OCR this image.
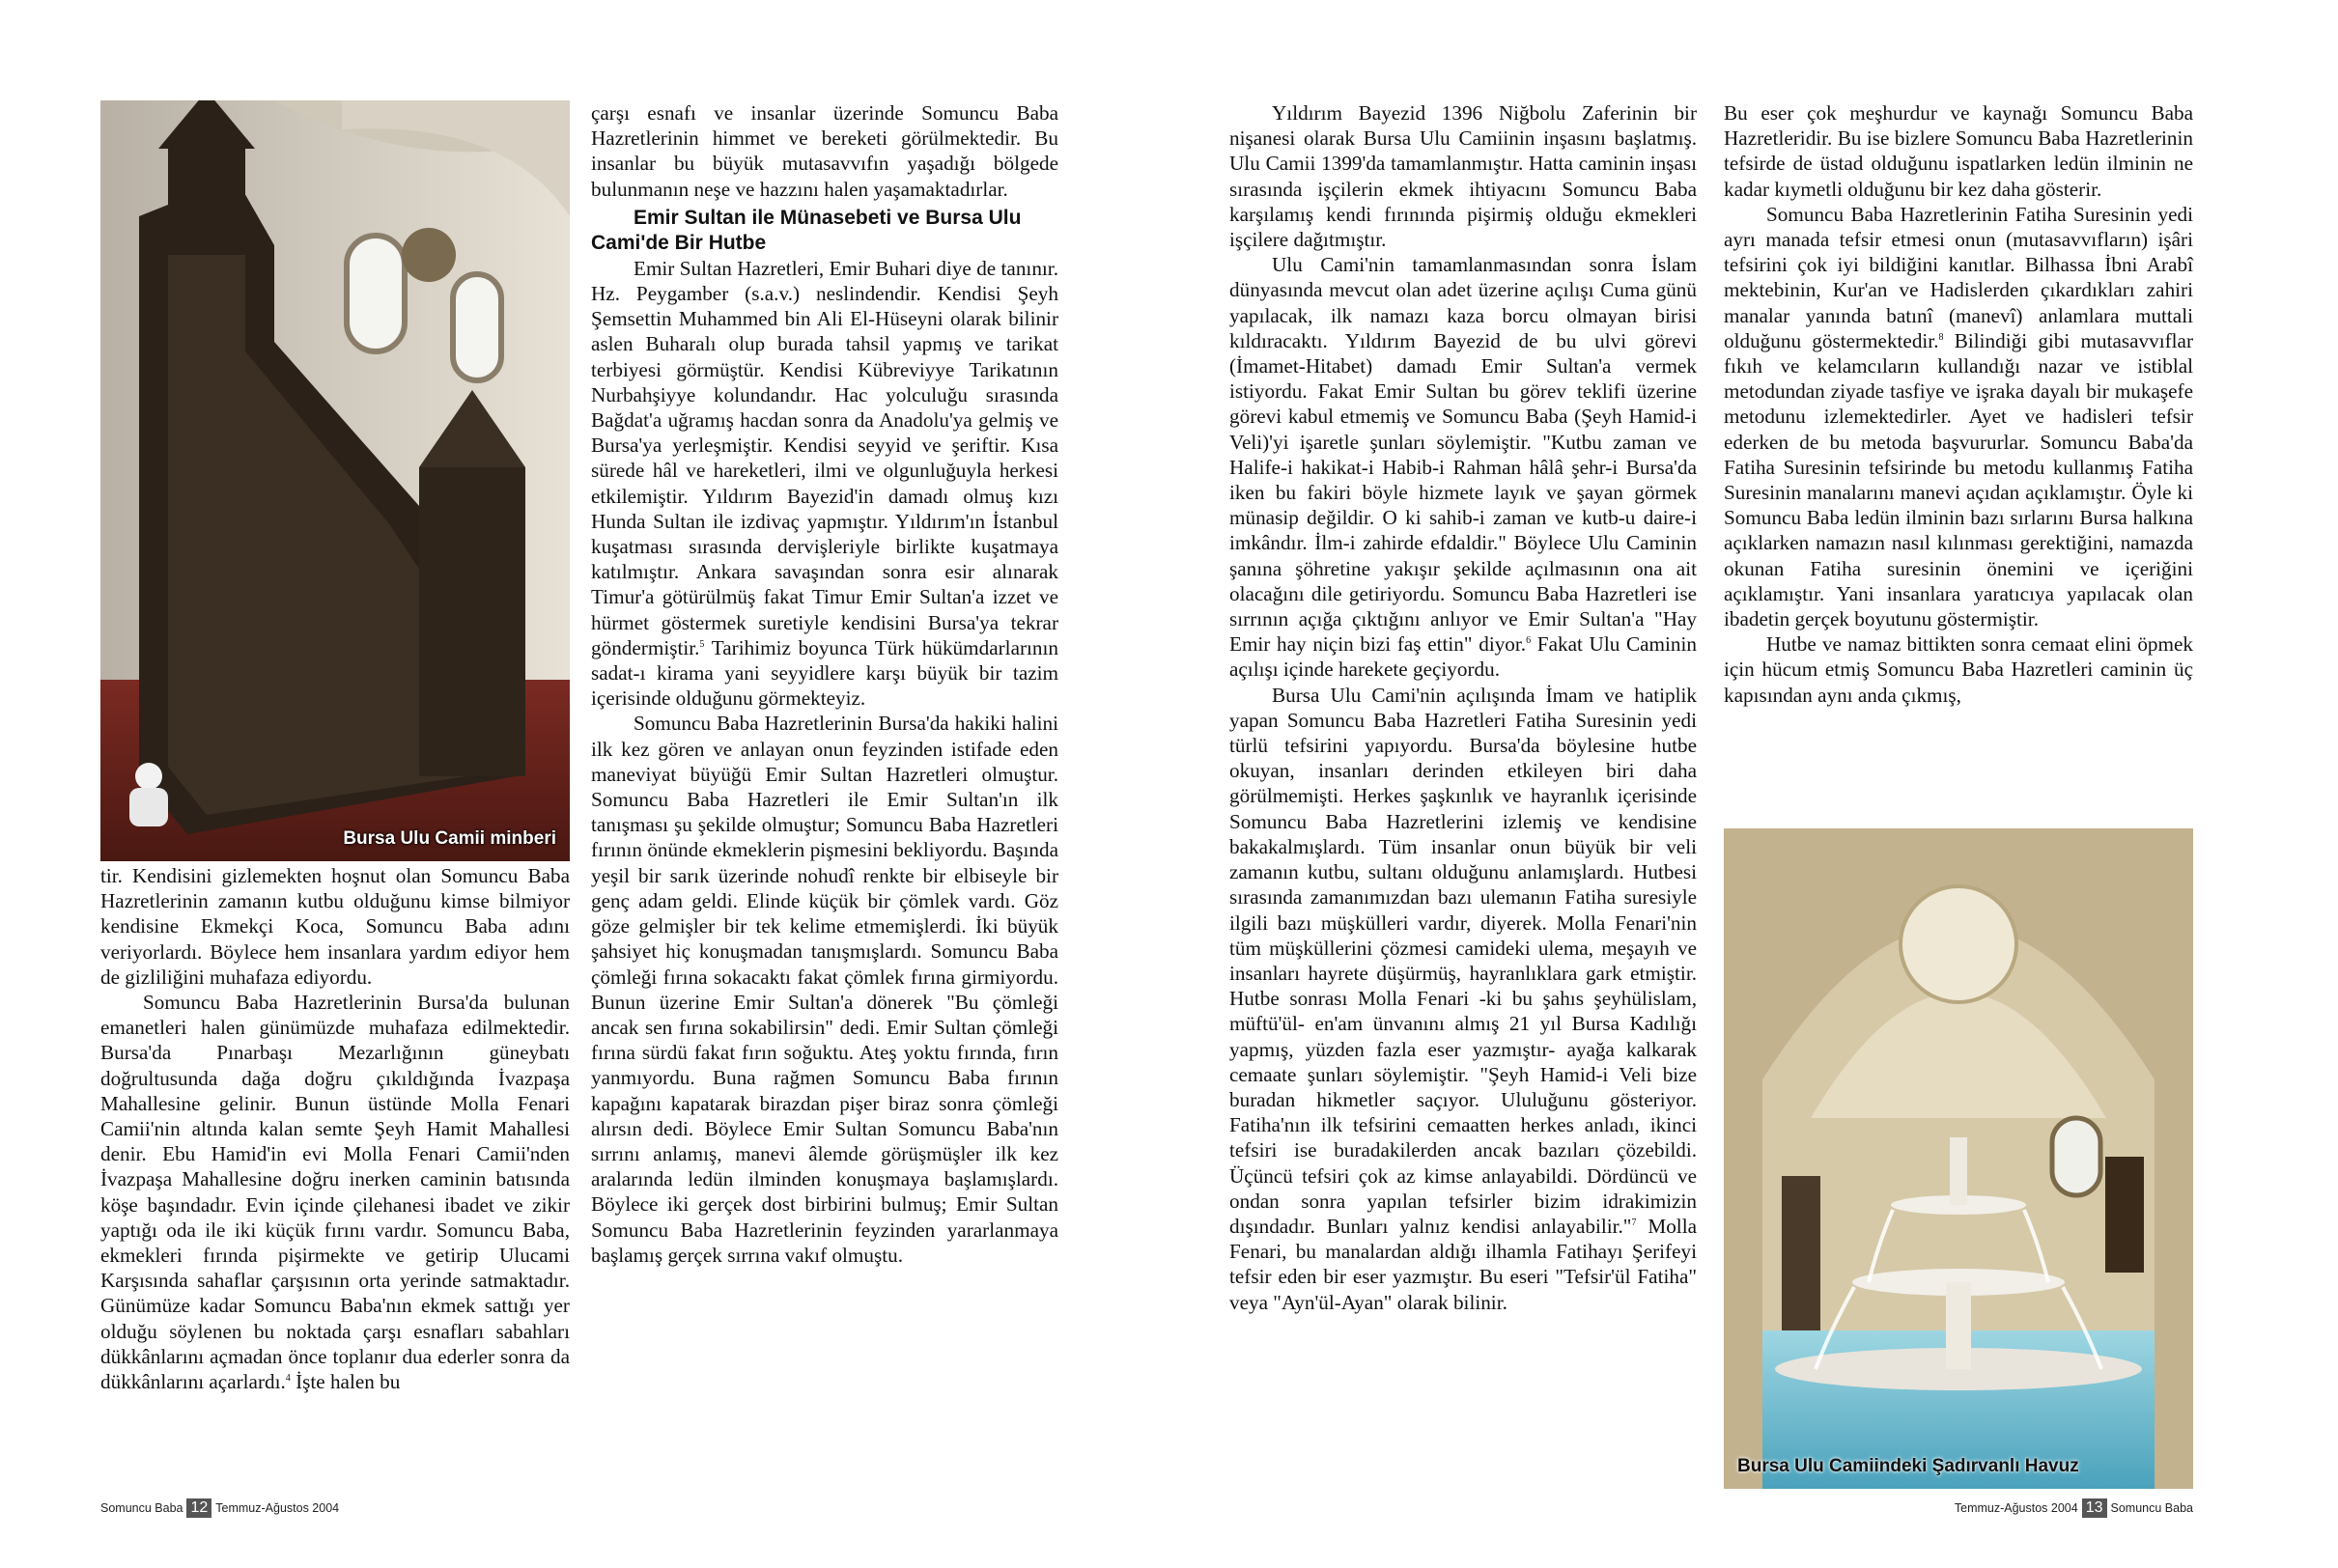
Bursa Ulu Camii minberi

tir. Kendisini gizlemekten hoşnut olan Somuncu Baba Hazretlerinin zamanın kutbu olduğunu kimse bilmiyor kendisine Ekmekçi Koca, Somuncu Baba adını veriyorlardı. Böylece hem insanlara yardım ediyor hem de gizliliğini muhafaza ediyordu.

Somuncu Baba Hazretlerinin Bursa'da bulunan emanetleri halen günümüzde muhafaza edilmektedir. Bursa'da Pınarbaşı Mezarlığının güneybatı doğrultusunda dağa doğru çıkıldığında İvazpaşa Mahallesine gelinir. Bunun üstünde Molla Fenari Camii'nin altında kalan semte Şeyh Hamit Mahallesi denir. Ebu Hamid'in evi Molla Fenari Camii'nden İvazpaşa Mahallesine doğru inerken caminin batısında köşe başındadır. Evin içinde çilehanesi ibadet ve zikir yaptığı oda ile iki küçük fırını vardır. Somuncu Baba, ekmekleri fırında pişirmekte ve getirip Ulucami Karşısında sahaflar çarşısının orta yerinde satmaktadır. Günümüze kadar Somuncu Baba'nın ekmek sattığı yer olduğu söylenen bu noktada çarşı esnafları sabahları dükkânlarını açmadan önce toplanır dua ederler sonra da dükkânlarını açarlardı.$^4$ İşte halen bu

çarşı esnafı ve insanlar üzerinde Somuncu Baba Hazretlerinin himmet ve bereketi görülmektedir. Bu insanlar bu büyük mutasavvıfın yaşadığı bölgede bulunmanın neşe ve hazzını halen yaşamaktadırlar.

Emir Sultan ile Münasebeti ve Bursa Ulu Cami'de Bir Hutbe

Emir Sultan Hazretleri, Emir Buhari diye de tanınır. Hz. Peygamber (s.a.v.) neslindendir. Kendisi Şeyh Şemsettin Muhammed bin Ali El-Hüseyni olarak bilinir aslen Buharalı olup burada tahsil yapmış ve tarikat terbiyesi görmüştür. Kendisi Kübreviyye Tarikatının Nurbahşiyye kolundandır. Hac yolculuğu sırasında Bağdat'a uğramış hacdan sonra da Anadolu'ya gelmiş ve Bursa'ya yerleşmiştir. Kendisi seyyid ve şeriftir. Kısa sürede hâl ve hareketleri, ilmi ve olgunluğuyla herkesi etkilemiştir. Yıldırım Bayezid'in damadı olmuş kızı Hunda Sultan ile izdivaç yapmıştır. Yıldırım'ın İstanbul kuşatması sırasında dervişleriyle birlikte kuşatmaya katılmıştır. Ankara savaşından sonra esir alınarak Timur'a götürülmüş fakat Timur Emir Sultan'a izzet ve hürmet göstermek suretiyle kendisini Bursa'ya tekrar göndermiştir.$^5$ Tarihimiz boyunca Türk hükümdarlarının sadat-ı kirama yani seyyidlere karşı büyük bir tazim içerisinde olduğunu görmekteyiz.

Somuncu Baba Hazretlerinin Bursa'da hakiki halini ilk kez gören ve anlayan onun feyzinden istifade eden maneviyat büyüğü Emir Sultan Hazretleri olmuştur. Somuncu Baba Hazretleri ile Emir Sultan'ın ilk tanışması şu şekilde olmuştur; Somuncu Baba Hazretleri fırının önünde ekmeklerin pişmesini bekliyordu. Başında yeşil bir sarık üzerinde nohudî renkte bir elbiseyle bir genç adam geldi. Elinde küçük bir çömlek vardı. Göz göze gelmişler bir tek kelime etmemişlerdi. İki büyük şahsiyet hiç konuşmadan tanışmışlardı. Somuncu Baba çömleği fırına sokacaktı fakat çömlek fırına girmiyordu. Bunun üzerine Emir Sultan'a dönerek "Bu çömleği ancak sen fırına sokabilirsin" dedi. Emir Sultan çömleği fırına sürdü fakat fırın soğuktu. Ateş yoktu fırında, fırın yanmıyordu. Buna rağmen Somuncu Baba fırının kapağını kapatarak birazdan pişer biraz sonra çömleği alırsın dedi. Böylece Emir Sultan Somuncu Baba'nın sırrını anlamış, manevi âlemde görüşmüşler ilk kez aralarında ledün ilminden konuşmaya başlamışlardı. Böylece iki gerçek dost birbirini bulmuş; Emir Sultan Somuncu Baba Hazretlerinin feyzinden yararlanmaya başlamış gerçek sırrına vakıf olmuştu.

Somuncu Baba 12 Temmuz-Ağustos 2004

Yıldırım Bayezid 1396 Niğbolu Zaferinin bir nişanesi olarak Bursa Ulu Camiinin inşasını başlatmış. Ulu Camii 1399'da tamamlanmıştır. Hatta caminin inşası sırasında işçilerin ekmek ihtiyacını Somuncu Baba karşılamış kendi fırınında pişirmiş olduğu ekmekleri işçilere dağıtmıştır.

Ulu Cami'nin tamamlanmasından sonra İslam dünyasında mevcut olan adet üzerine açılışı Cuma günü yapılacak, ilk namazı kaza borcu olmayan birisi kıldıracaktı. Yıldırım Bayezid de bu ulvi görevi (İmamet-Hitabet) damadı Emir Sultan'a vermek istiyordu. Fakat Emir Sultan bu görev teklifi üzerine görevi kabul etmemiş ve Somuncu Baba (Şeyh Hamid-i Veli)'yi işaretle şunları söylemiştir. "Kutbu zaman ve Halife-i hakikat-i Habib-i Rahman hâlâ şehr-i Bursa'da iken bu fakiri böyle hizmete layık ve şayan görmek münasip değildir. O ki sahib-i zaman ve kutb-u daire-i imkândır. İlm-i zahirde efdaldir." Böylece Ulu Caminin şanına şöhretine yakışır şekilde açılmasının ona ait olacağını dile getiriyordu. Somuncu Baba Hazretleri ise sırrının açığa çıktığını anlıyor ve Emir Sultan'a "Hay Emir hay niçin bizi faş ettin" diyor.$^6$ Fakat Ulu Caminin açılışı içinde harekete geçiyordu.

Bursa Ulu Cami'nin açılışında İmam ve hatiplik yapan Somuncu Baba Hazretleri Fatiha Suresinin yedi türlü tefsirini yapıyordu. Bursa'da böylesine hutbe okuyan, insanları derinden etkileyen biri daha görülmemişti. Herkes şaşkınlık ve hayranlık içerisinde Somuncu Baba Hazretlerini izlemiş ve kendisine bakakalmışlardı. Tüm insanlar onun büyük bir veli zamanın kutbu, sultanı olduğunu anlamışlardı. Hutbesi sırasında zamanımızdan bazı ulemanın Fatiha suresiyle ilgili bazı müşkülleri vardır, diyerek. Molla Fenari'nin tüm müşküllerini çözmesi camideki ulema, meşayıh ve insanları hayrete düşürmüş, hayranlıklara gark etmiştir. Hutbe sonrası Molla Fenari -ki bu şahıs şeyhülislam, müftü'ül- en'am ünvanını almış 21 yıl Bursa Kadılığı yapmış, yüzden fazla eser yazmıştır- ayağa kalkarak cemaate şunları söylemiştir. "Şeyh Hamid-i Veli bize buradan hikmetler saçıyor. Ululuğunu gösteriyor. Fatiha'nın ilk tefsirini cemaatten herkes anladı, ikinci tefsiri ise buradakilerden ancak bazıları çözebildi. Üçüncü tefsiri çok az kimse anlayabildi. Dördüncü ve ondan sonra yapılan tefsirler bizim idrakimizin dışındadır. Bunları yalnız kendisi anlayabilir."$^7$ Molla Fenari, bu manalardan aldığı ilhamla Fatihayı Şerifeyi tefsir eden bir eser yazmıştır. Bu eseri "Tefsir'ül Fatiha" veya "Ayn'ül-Ayan" olarak bilinir.

Bu eser çok meşhurdur ve kaynağı Somuncu Baba Hazretleridir. Bu ise bizlere Somuncu Baba Hazretlerinin tefsirde de üstad olduğunu ispatlarken ledün ilminin ne kadar kıymetli olduğunu bir kez daha gösterir.

Somuncu Baba Hazretlerinin Fatiha Suresinin yedi ayrı manada tefsir etmesi onun (mutasavvıfların) işâri tefsirini çok iyi bildiğini kanıtlar. Bilhassa İbni Arabî mektebinin, Kur'an ve Hadislerden çıkardıkları zahiri manalar yanında batınî (manevî) anlamlara muttali olduğunu göstermektedir.$^8$ Bilindiği gibi mutasavvıflar fıkıh ve kelamcıların kullandığı nazar ve istiblal metodundan ziyade tasfiye ve işraka dayalı bir mukaşefe metodunu izlemektedirler. Ayet ve hadisleri tefsir ederken de bu metoda başvururlar. Somuncu Baba'da Fatiha Suresinin tefsirinde bu metodu kullanmış Fatiha Suresinin manalarını manevi açıdan açıklamıştır. Öyle ki Somuncu Baba ledün ilminin bazı sırlarını Bursa halkına açıklarken namazın nasıl kılınması gerektiğini, namazda okunan Fatiha suresinin önemini ve içeriğini açıklamıştır. Yani insanlara yaratıcıya yapılacak olan ibadetin gerçek boyutunu göstermiştir.

Hutbe ve namaz bittikten sonra cemaat elini öpmek için hücum etmiş Somuncu Baba Hazretleri caminin üç kapısından aynı anda çıkmış,

Bursa Ulu Camiindeki Şadırvanlı Havuz
Temmuz-Ağustos 2004 13 Somuncu Baba
